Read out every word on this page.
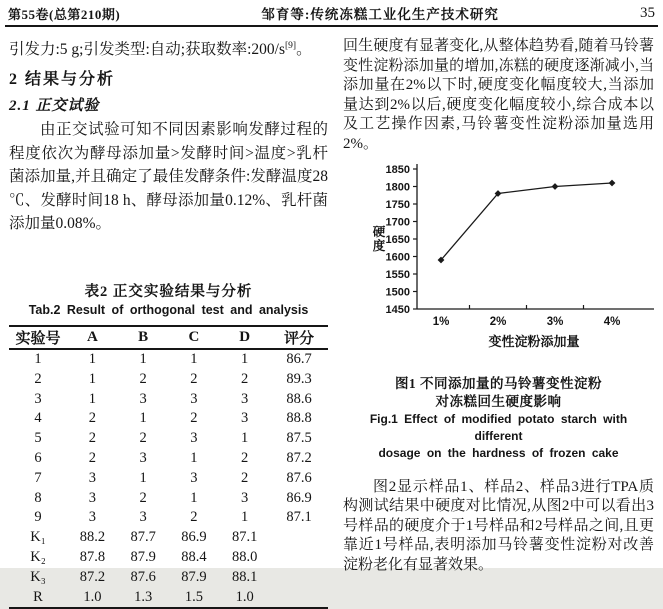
第55卷(总第210期)	邹育等:传统冻糕工业化生产技术研究	35

引发力:5 g;引发类型:自动;获取数率:200/s[9]。

2 结果与分析
2.1 正交试验

由正交试验可知不同因素影响发酵过程的程度依次为酵母添加量>发酵时间>温度>乳杆菌添加量,并且确定了最佳发酵条件:发酵温度28 ℃、发酵时间18 h、酵母添加量0.12%、乳杆菌添加量0.08%。

表2 正交实验结果与分析
Tab.2 Result of orthogonal test and analysis
实验号	A	B	C	D	评分
1	1	1	1	1	86.7
2	1	2	2	2	89.3
3	1	3	3	3	88.6
4	2	1	2	3	88.8
5	2	2	3	1	87.5
6	2	3	1	2	87.2
7	3	1	3	2	87.6
8	3	2	1	3	86.9
9	3	3	2	1	87.1
K₁	88.2	87.7	86.9	87.1	
K₂	87.8	87.9	88.4	88.0	
K₃	87.2	87.6	87.9	88.1	
R	1.0	1.3	1.5	1.0	

回生硬度有显著变化,从整体趋势看,随着马铃薯变性淀粉添加量的增加,冻糕的硬度逐渐减小,当添加量在2%以下时,硬度变化幅度较大,当添加量达到2%以后,硬度变化幅度较小,综合成本以及工艺操作因素,马铃薯变性淀粉添加量选用2%。

1450
1500
1550
1600
1650
1700
1750
1800
1850
1%	2%	3%	4%
变性淀粉添加量
硬度
图1 不同添加量的马铃薯变性淀粉
对冻糕回生硬度影响
Fig.1 Effect of modified potato starch with different
dosage on the hardness of frozen cake

图2显示样品1、样品2、样品3进行TPA质构测试结果中硬度对比情况,从图2中可以看出3号样品的硬度介于1号样品和2号样品之间,且更靠近1号样品,表明添加马铃薯变性淀粉对改善淀粉老化有显著效果。
